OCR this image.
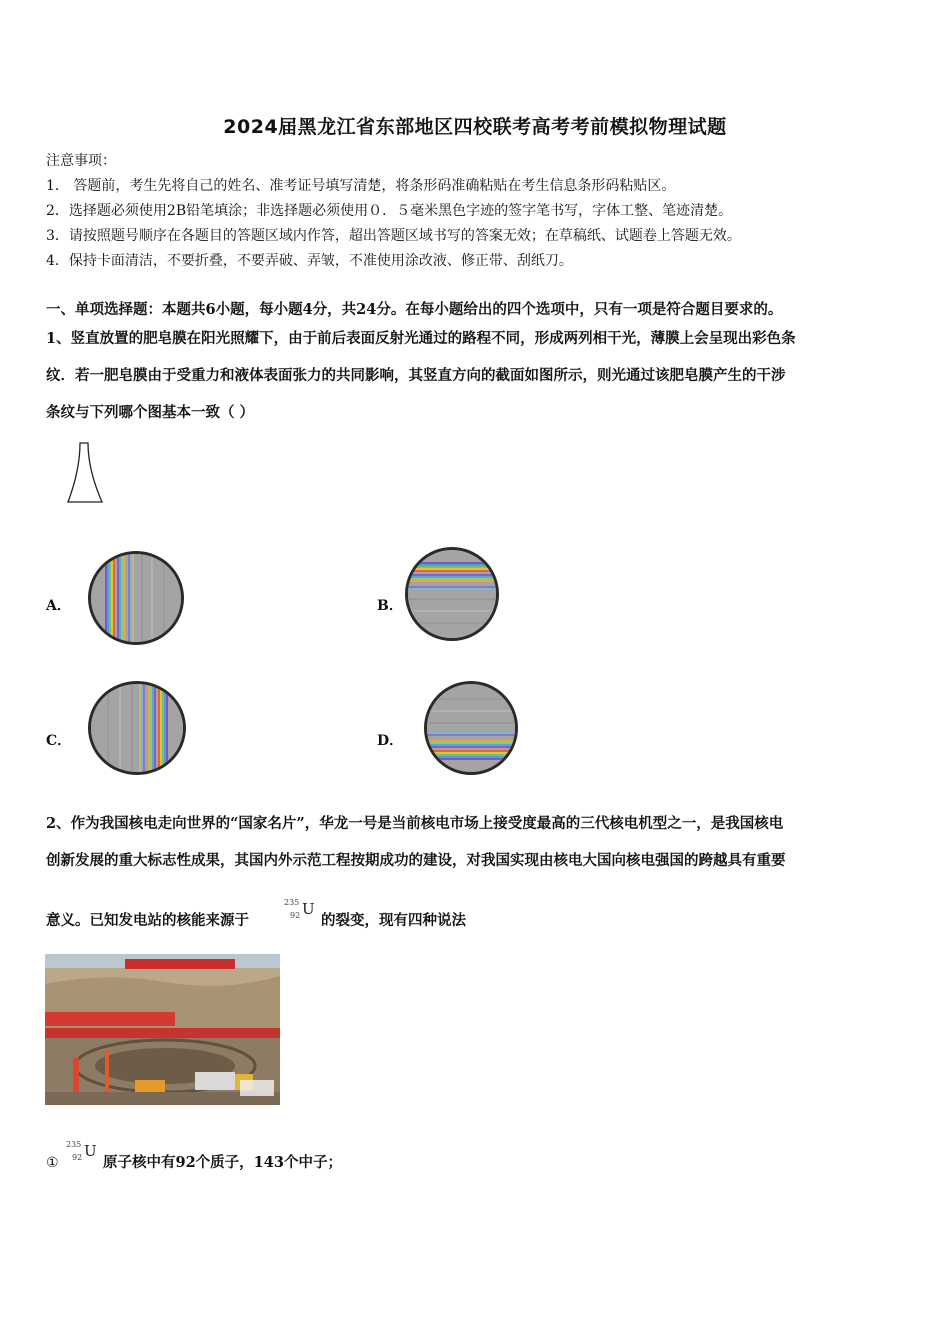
2024届黑龙江省东部地区四校联考高考考前模拟物理试题
注意事项：
1． 答题前，考生先将自己的姓名、准考证号填写清楚，将条形码准确粘贴在考生信息条形码粘贴区。
2．选择题必须使用2B铅笔填涂；非选择题必须使用０．５毫米黑色字迹的签字笔书写，字体工整、笔迹清楚。
3．请按照题号顺序在各题目的答题区域内作答，超出答题区域书写的答案无效；在草稿纸、试题卷上答题无效。
4．保持卡面清洁，不要折叠，不要弄破、弄皱，不准使用涂改液、修正带、刮纸刀。
一、单项选择题：本题共6小题，每小题4分，共24分。在每小题给出的四个选项中，只有一项是符合题目要求的。
1、竖直放置的肥皂膜在阳光照耀下，由于前后表面反射光通过的路程不同，形成两列相干光，薄膜上会呈现出彩色条
纹．若一肥皂膜由于受重力和液体表面张力的共同影响，其竖直方向的截面如图所示，则光通过该肥皂膜产生的干涉
条纹与下列哪个图基本一致（ ）
A．	B．
C．	D．
2、作为我国核电走向世界的“国家名片”，华龙一号是当前核电市场上接受度最高的三代核电机型之一，是我国核电
创新发展的重大标志性成果，其国内外示范工程按期成功的建设，对我国实现由核电大国向核电强国的跨越具有重要
意义。已知发电站的核能来源于
235
92 U
的裂变，现有四种说法
①
235
92 U
原子核中有92个质子，143个中子；
